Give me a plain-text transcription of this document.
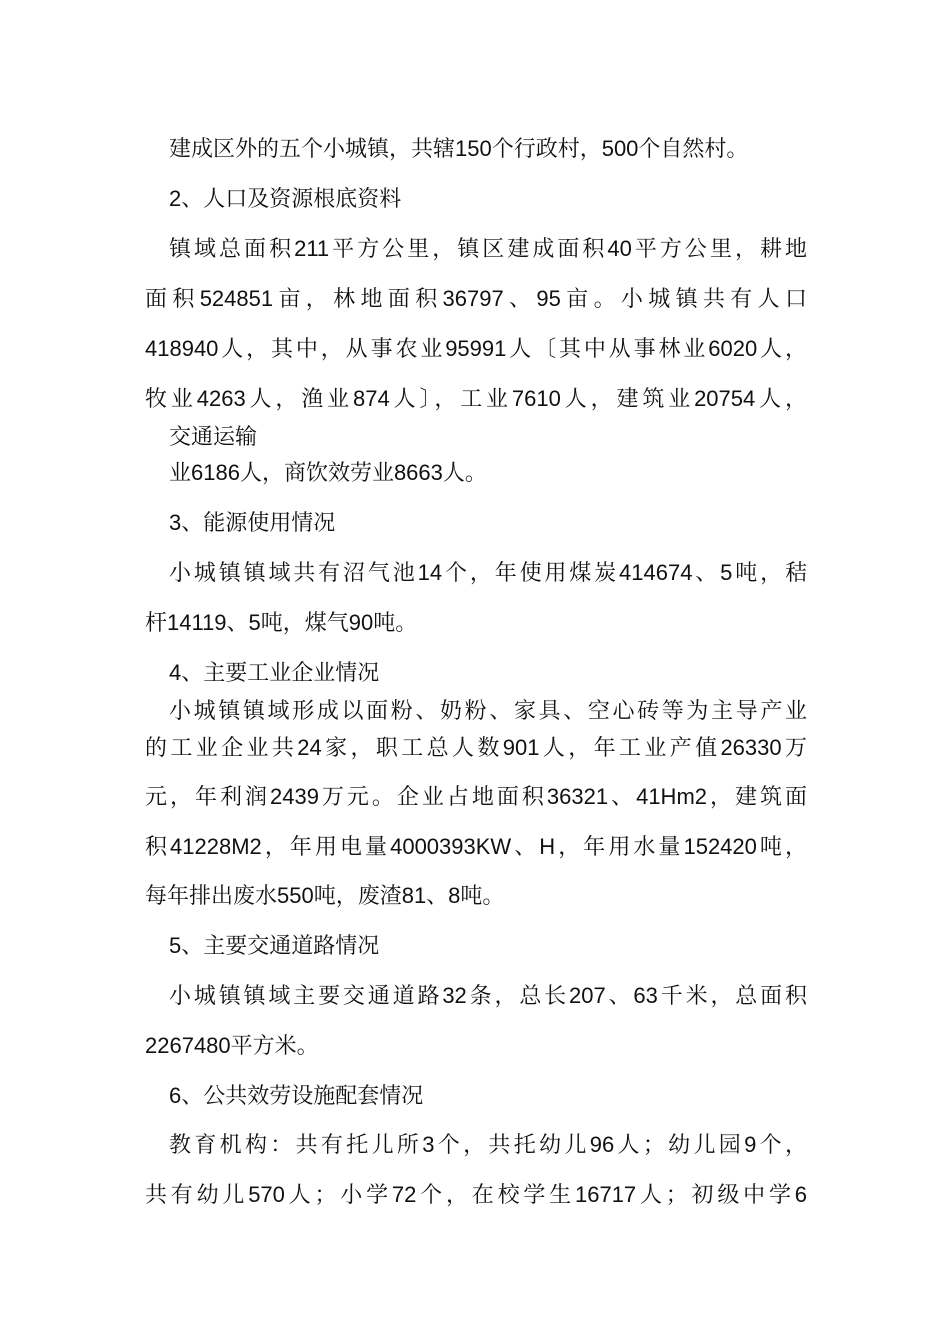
建成区外的五个小城镇，共辖150个行政村，500个自然村。

2、人口及资源根底资料

镇域总面积211平方公里，镇区建成面积40平方公里，耕地

面积524851亩，林地面积36797、95亩。小城镇共有人口

418940人，其中，从事农业95991人〔其中从事林业6020人，

牧业4263人，渔业874人〕，工业7610人，建筑业20754人，

交通运输

业6186人，商饮效劳业8663人。

3、能源使用情况

小城镇镇域共有沼气池14个，年使用煤炭414674、5吨，秸

杆14119、5吨，煤气90吨。

4、主要工业企业情况

小城镇镇域形成以面粉、奶粉、家具、空心砖等为主导产业

的工业企业共24家，职工总人数901人，年工业产值26330万

元，年利润2439万元。企业占地面积36321、41Hm2，建筑面

积41228M2，年用电量4000393KW、H，年用水量152420吨，

每年排出废水550吨，废渣81、8吨。

5、主要交通道路情况

小城镇镇域主要交通道路32条，总长207、63千米，总面积

2267480平方米。

6、公共效劳设施配套情况

教育机构：共有托儿所3个，共托幼儿96人；幼儿园9个，

共有幼儿570人；小学72个，在校学生16717人；初级中学6
